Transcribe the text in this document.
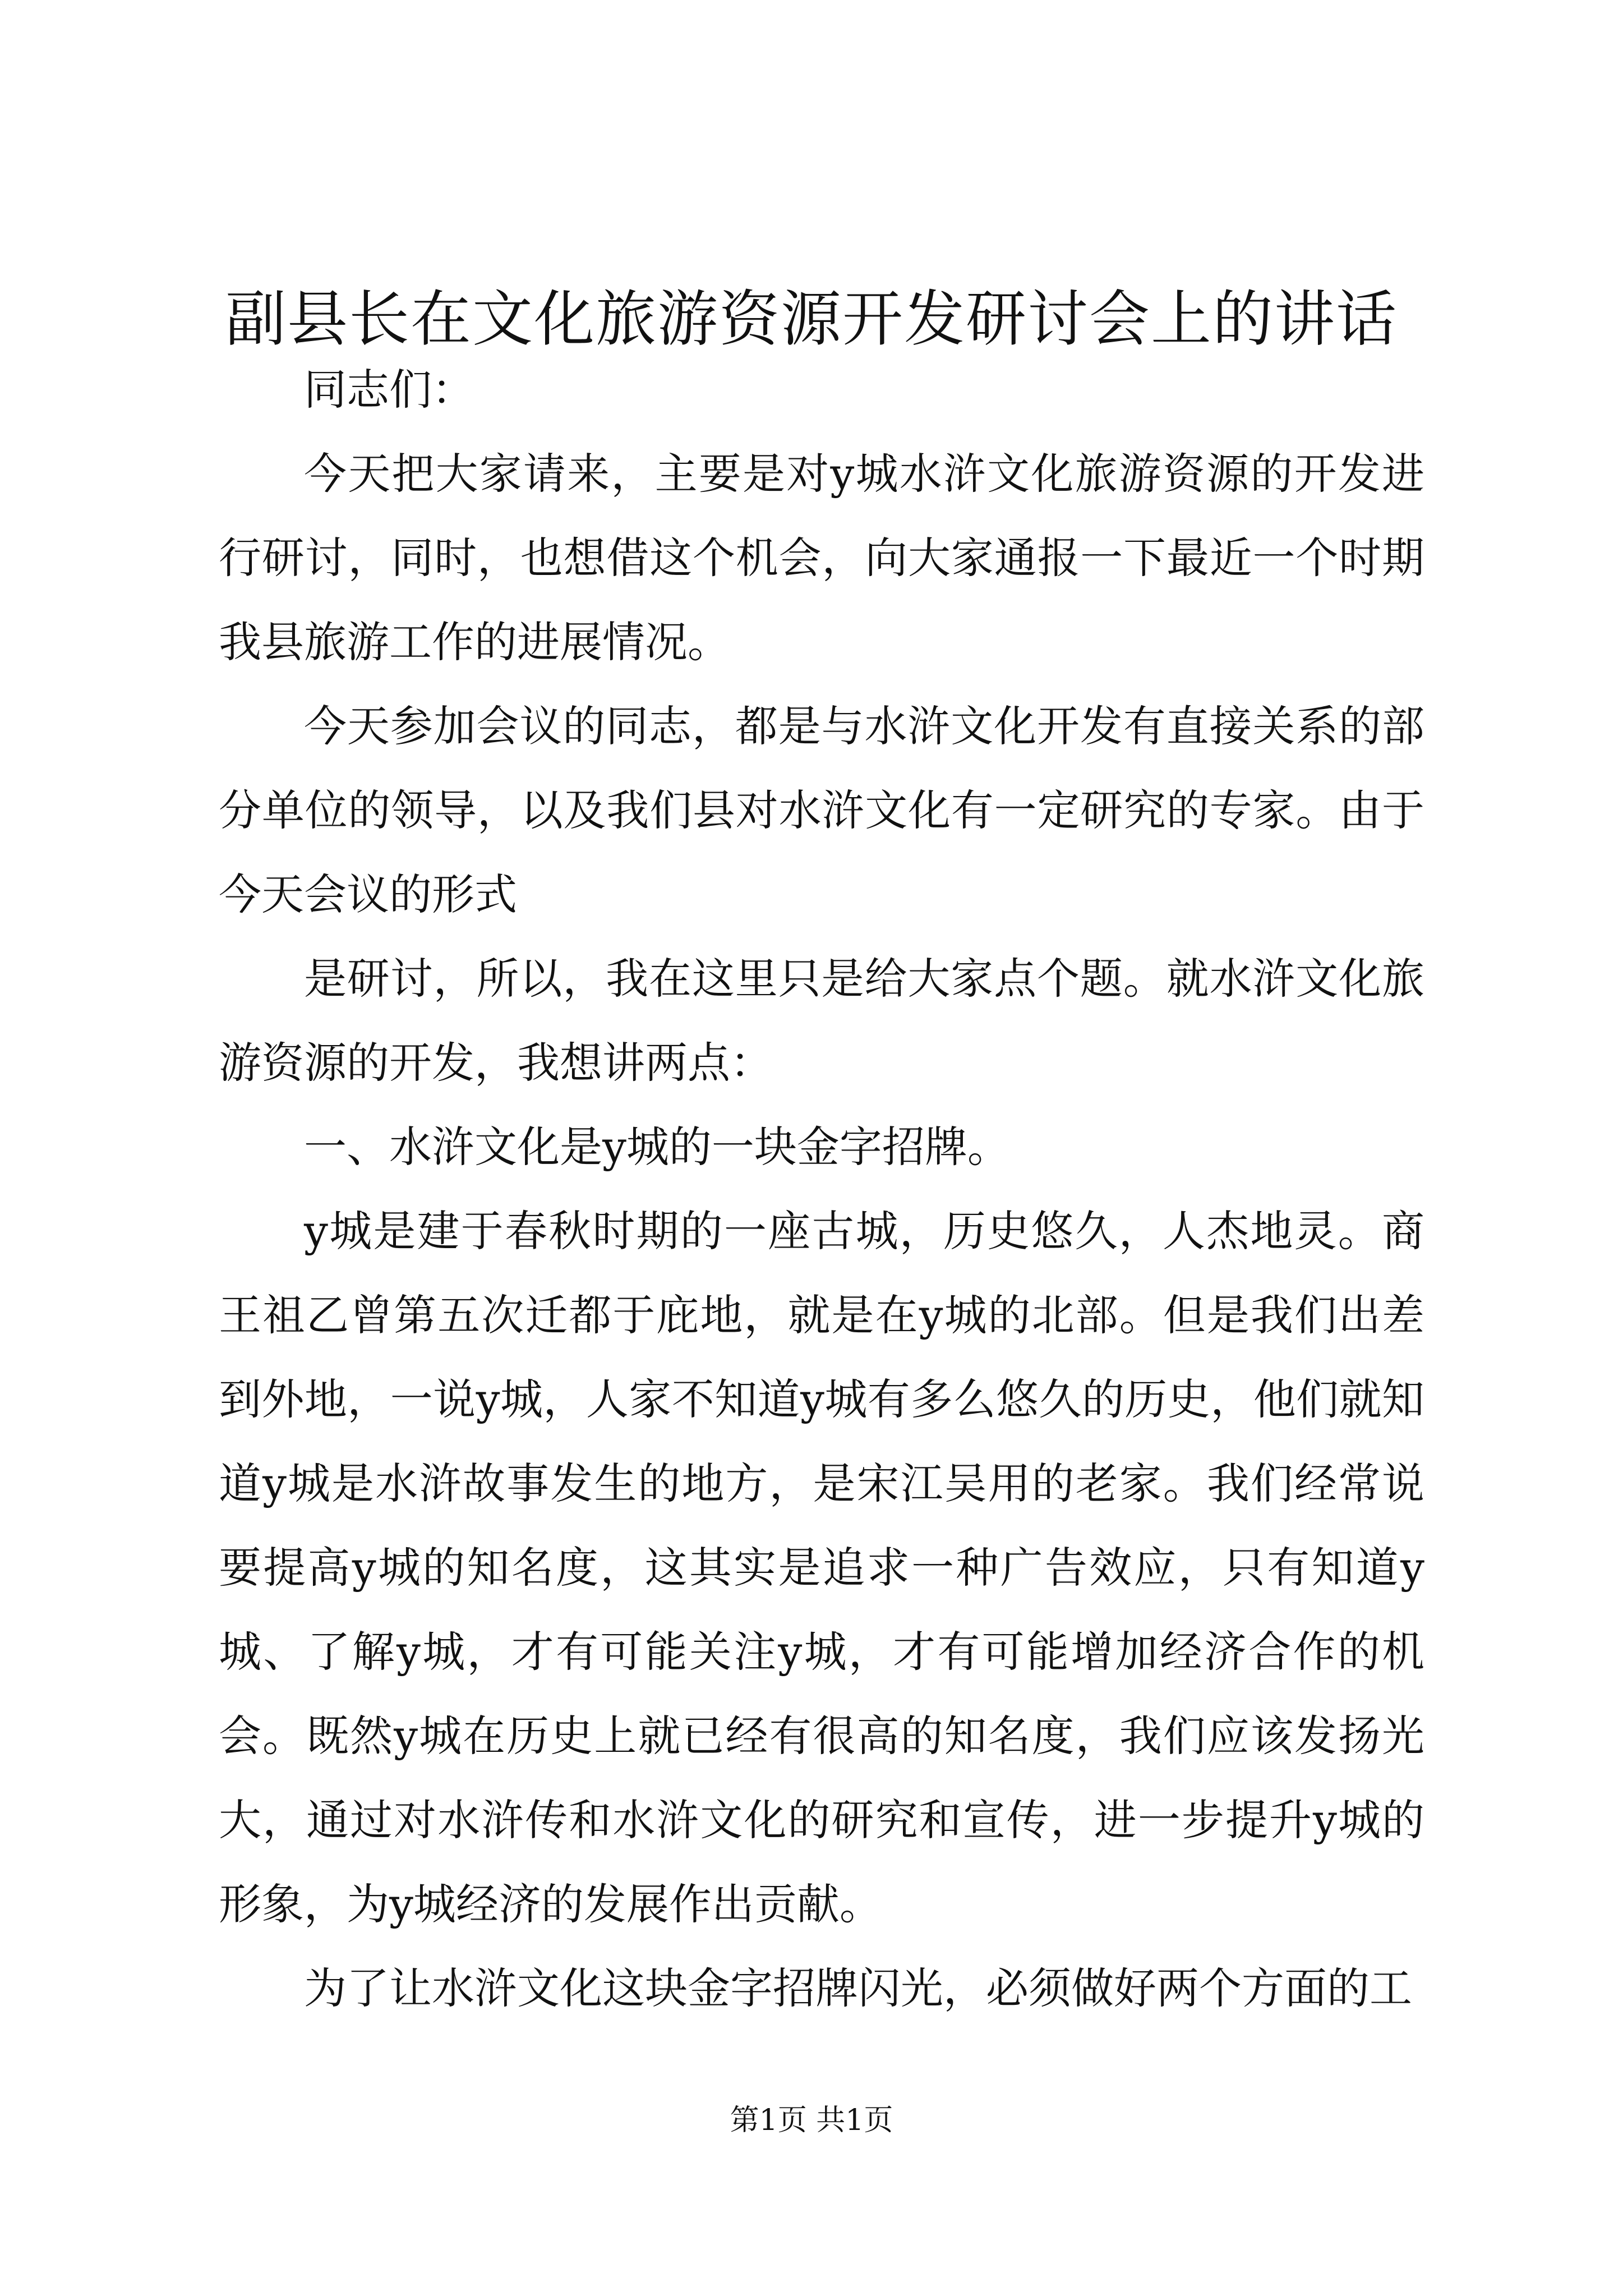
副县长在文化旅游资源开发研讨会上的讲话

同志们：

今天把大家请来，主要是对y城水浒文化旅游资源的开发进行研讨，同时，也想借这个机会，向大家通报一下最近一个时期我县旅游工作的进展情况。

今天参加会议的同志，都是与水浒文化开发有直接关系的部分单位的领导，以及我们县对水浒文化有一定研究的专家。由于今天会议的形式

是研讨，所以，我在这里只是给大家点个题。就水浒文化旅游资源的开发，我想讲两点：

一、水浒文化是y城的一块金字招牌。

y城是建于春秋时期的一座古城，历史悠久，人杰地灵。商王祖乙曾第五次迁都于庇地，就是在y城的北部。但是我们出差到外地，一说y城，人家不知道y城有多么悠久的历史，他们就知道y城是水浒故事发生的地方，是宋江吴用的老家。我们经常说要提高y城的知名度，这其实是追求一种广告效应，只有知道y城、了解y城，才有可能关注y城，才有可能增加经济合作的机会。既然y城在历史上就已经有很高的知名度，我们应该发扬光大，通过对水浒传和水浒文化的研究和宣传，进一步提升y城的形象，为y城经济的发展作出贡献。

为了让水浒文化这块金字招牌闪光，必须做好两个方面的工

第1页 共1页
